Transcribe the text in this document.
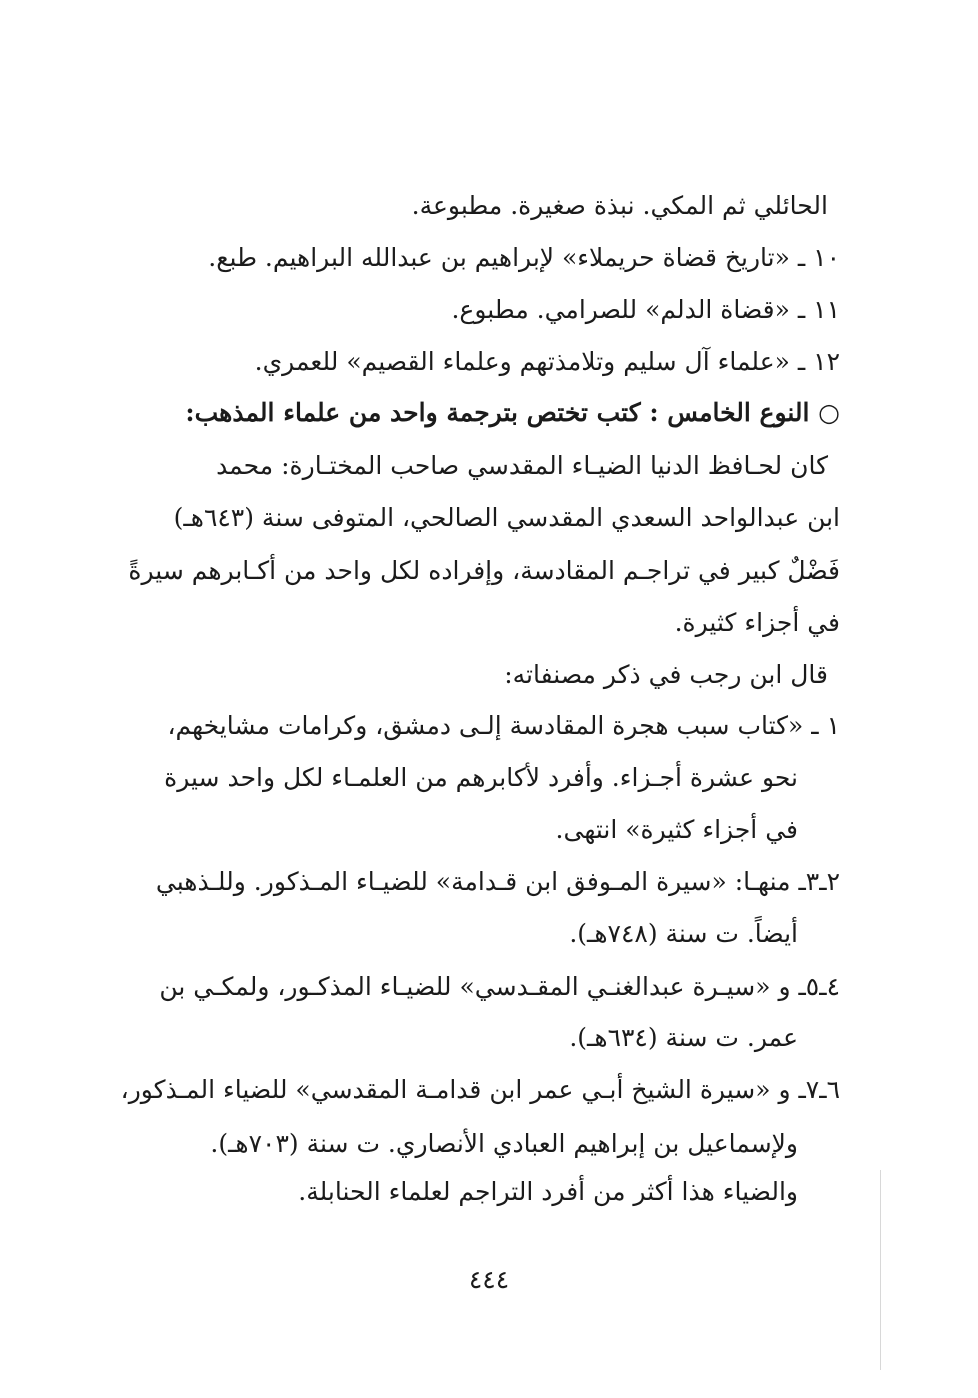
الحائلي ثم المكي. نبذة صغيرة. مطبوعة.
١٠ ـ «تاريخ قضاة حريملاء» لإبراهيم بن عبدالله البراهيم. طبع.
١١ ـ «قضاة الدلم» للصرامي. مطبوع.
١٢ ـ «علماء آل سليم وتلامذتهم وعلماء القصيم» للعمري.
○ النوع الخامس : كتب تختص بترجمة واحد من علماء المذهب:
كان لحـافظ الدنيا الضيـاء المقدسي صاحب المختـارة: محمد
ابن عبدالواحد السعدي المقدسي الصالحي، المتوفى سنة (٦٤٣هـ)
فَضْلٌ كبير في تراجـم المقادسة، وإفراده لكل واحد من أكـابرهم سيرةً
في أجزاء كثيرة.
قال ابن رجب في ذكر مصنفاته:
١ ـ «كتاب سبب هجرة المقادسة إلـى دمشق، وكرامات مشايخهم،
نحو عشرة أجـزاء. وأفرد لأكابرهم من العلمـاء لكل واحد سيرة
في أجزاء كثيرة» انتهى.
٢ـ٣ـ منهـا: «سيرة المـوفق ابن قـدامة» للضيـاء المـذكور. وللـذهبي
أيضاً. ت سنة (٧٤٨هـ).
٤ـ٥ـ و «سيـرة عبدالغنـي المقـدسي» للضيـاء المذكـور، ولمكـي بن
عمر. ت سنة (٦٣٤هـ).
٦ـ٧ـ و «سيرة الشيخ أبـي عمر ابن قدامـة المقدسي» للضياء المـذكور،
ولإسماعيل بن إبراهيم العبادي الأنصاري. ت سنة (٧٠٣هـ).
والضياء هذا أكثر من أفرد التراجم لعلماء الحنابلة.
٤٤٤
